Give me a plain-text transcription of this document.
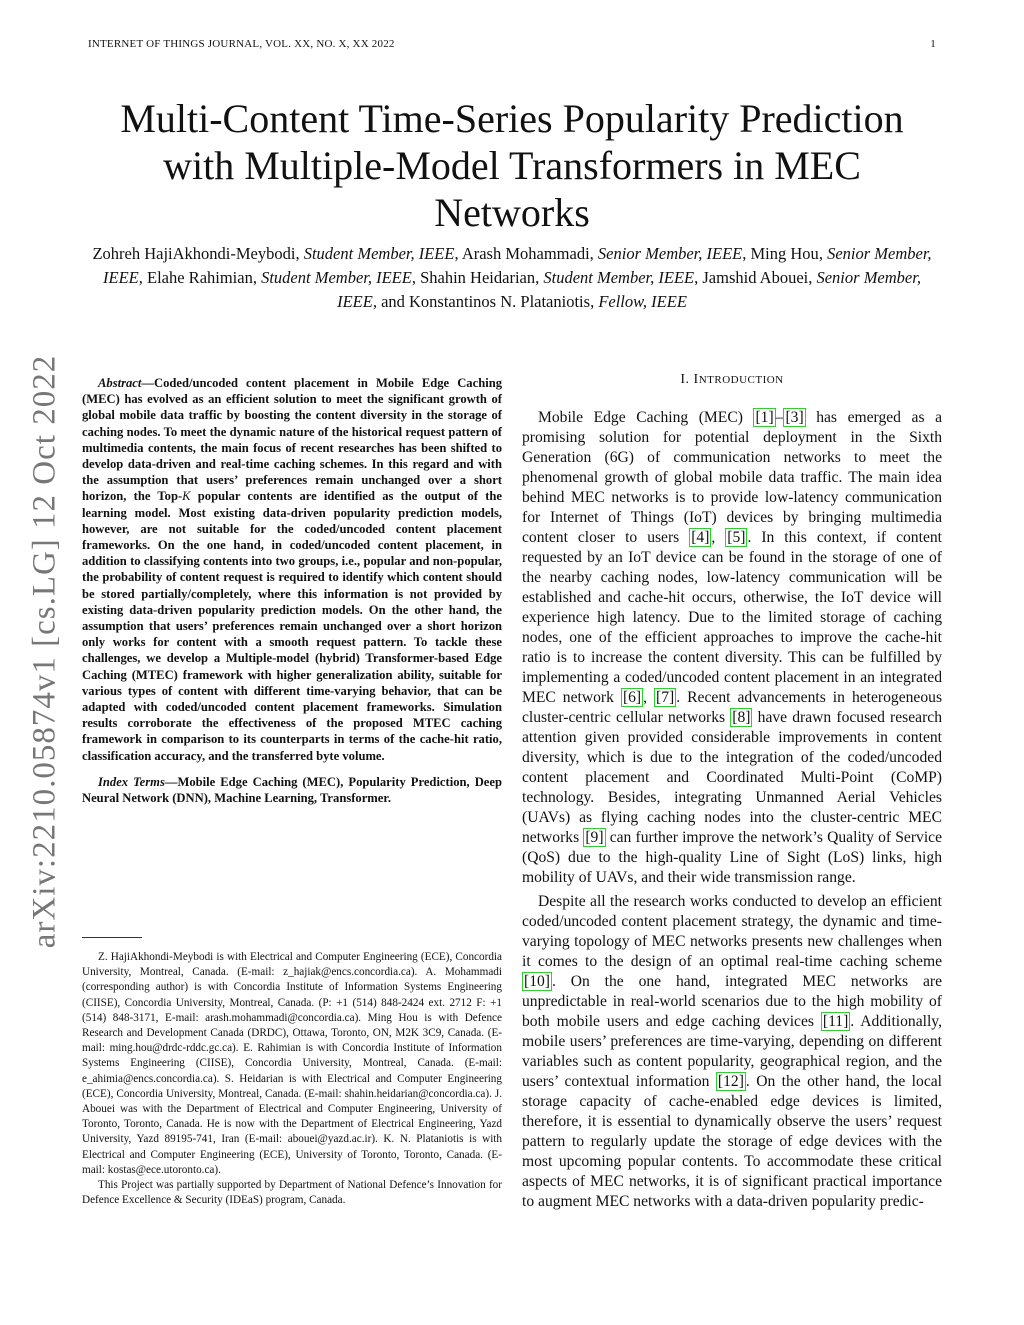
INTERNET OF THINGS JOURNAL, VOL. XX, NO. X, XX 2022	1
Multi-Content Time-Series Popularity Prediction with Multiple-Model Transformers in MEC Networks
Zohreh HajiAkhondi-Meybodi, Student Member, IEEE, Arash Mohammadi, Senior Member, IEEE, Ming Hou, Senior Member, IEEE, Elahe Rahimian, Student Member, IEEE, Shahin Heidarian, Student Member, IEEE, Jamshid Abouei, Senior Member, IEEE, and Konstantinos N. Plataniotis, Fellow, IEEE
arXiv:2210.05874v1 [cs.LG] 12 Oct 2022	Abstract—Coded/uncoded content placement in Mobile Edge Caching (MEC) has evolved as an efficient solution to meet the significant growth of global mobile data traffic by boosting the content diversity in the storage of caching nodes. To meet the dynamic nature of the historical request pattern of multimedia contents, the main focus of recent researches has been shifted to develop data-driven and real-time caching schemes. In this regard and with the assumption that users’ preferences remain unchanged over a short horizon, the Top-K popular contents are identified as the output of the learning model. Most existing data-driven popularity prediction models, however, are not suitable for the coded/uncoded content placement frameworks. On the one hand, in coded/uncoded content placement, in addition to classifying contents into two groups, i.e., popular and non-popular, the probability of content request is required to identify which content should be stored partially/completely, where this information is not provided by existing data-driven popularity prediction models. On the other hand, the assumption that users’ preferences remain unchanged over a short horizon only works for content with a smooth request pattern. To tackle these challenges, we develop a Multiple-model (hybrid) Transformer-based Edge Caching (MTEC) framework with higher generalization ability, suitable for various types of content with different time-varying behavior, that can be adapted with coded/uncoded content placement frameworks. Simulation results corroborate the effectiveness of the proposed MTEC caching framework in comparison to its counterparts in terms of the cache-hit ratio, classification accuracy, and the transferred byte volume.

Index Terms—Mobile Edge Caching (MEC), Popularity Prediction, Deep Neural Network (DNN), Machine Learning, Transformer.

Z. HajiAkhondi-Meybodi is with Electrical and Computer Engineering (ECE), Concordia University, Montreal, Canada. (E-mail: z_hajiak@encs.concordia.ca). A. Mohammadi (corresponding author) is with Concordia Institute of Information Systems Engineering (CIISE), Concordia University, Montreal, Canada. (P: +1 (514) 848-2424 ext. 2712 F: +1 (514) 848-3171, E-mail: arash.mohammadi@concordia.ca). Ming Hou is with Defence Research and Development Canada (DRDC), Ottawa, Toronto, ON, M2K 3C9, Canada. (E-mail: ming.hou@drdc-rddc.gc.ca). E. Rahimian is with Concordia Institute of Information Systems Engineering (CIISE), Concordia University, Montreal, Canada. (E-mail: e_ahimia@encs.concordia.ca). S. Heidarian is with Electrical and Computer Engineering (ECE), Concordia University, Montreal, Canada. (E-mail: shahin.heidarian@concordia.ca). J. Abouei was with the Department of Electrical and Computer Engineering, University of Toronto, Toronto, Canada. He is now with the Department of Electrical Engineering, Yazd University, Yazd 89195-741, Iran (E-mail: abouei@yazd.ac.ir). K. N. Plataniotis is with Electrical and Computer Engineering (ECE), University of Toronto, Toronto, Canada. (E-mail: kostas@ece.utoronto.ca).

This Project was partially supported by Department of National Defence’s Innovation for Defence Excellence & Security (IDEaS) program, Canada.

I. INTRODUCTION

Mobile Edge Caching (MEC) [1] – [3] has emerged as a promising solution for potential deployment in the Sixth Generation (6G) of communication networks to meet the phenomenal growth of global mobile data traffic. The main idea behind MEC networks is to provide low-latency communication for Internet of Things (IoT) devices by bringing multimedia content closer to users [4] , [5] . In this context, if content requested by an IoT device can be found in the storage of one of the nearby caching nodes, low-latency communication will be established and cache-hit occurs, otherwise, the IoT device will experience high latency. Due to the limited storage of caching nodes, one of the efficient approaches to improve the cache-hit ratio is to increase the content diversity. This can be fulfilled by implementing a coded/uncoded content placement in an integrated MEC network [6] , [7] . Recent advancements in heterogeneous cluster-centric cellular networks [8] have drawn focused research attention given provided considerable improvements in content diversity, which is due to the integration of the coded/uncoded content placement and Coordinated Multi-Point (CoMP) technology. Besides, integrating Unmanned Aerial Vehicles (UAVs) as flying caching nodes into the cluster-centric MEC networks [9] can further improve the network’s Quality of Service (QoS) due to the high-quality Line of Sight (LoS) links, high mobility of UAVs, and their wide transmission range.

Despite all the research works conducted to develop an efficient coded/uncoded content placement strategy, the dynamic and time-varying topology of MEC networks presents new challenges when it comes to the design of an optimal real-time caching scheme [10] . On the one hand, integrated MEC networks are unpredictable in real-world scenarios due to the high mobility of both mobile users and edge caching devices [11] . Additionally, mobile users’ preferences are time-varying, depending on different variables such as content popularity, geographical region, and the users’ contextual information [12] . On the other hand, the local storage capacity of cache-enabled edge devices is limited, therefore, it is essential to dynamically observe the users’ request pattern to regularly update the storage of edge devices with the most upcoming popular contents. To accommodate these critical aspects of MEC networks, it is of significant practical importance to augment MEC networks with a data-driven popularity predic-
